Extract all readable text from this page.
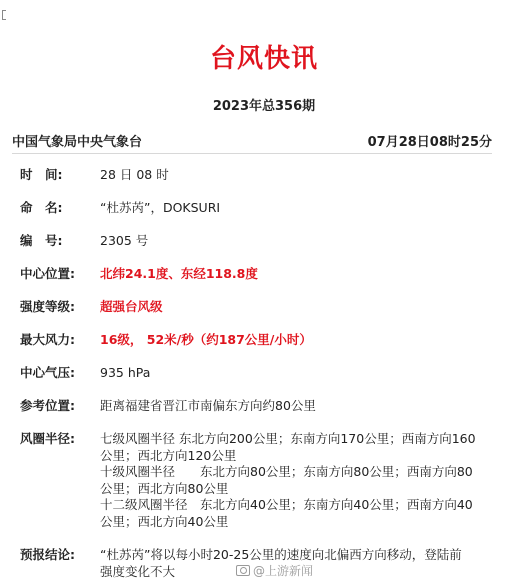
台风快讯
2023年总356期
中国气象局中央气象台	07月28日08时25分
时　间:	28 日 08 时
命　名:	“杜苏芮”，DOKSURI
编　号:	2305 号
中心位置:	北纬24.1度、东经118.8度
强度等级:	超强台风级
最大风力:	16级， 52米/秒（约187公里/小时）
中心气压:	935 hPa
参考位置:	距离福建省晋江市南偏东方向约80公里
风圈半径:	七级风圈半径 东北方向200公里；东南方向170公里；西南方向160
公里；西北方向120公里
十级风圈半径　　东北方向80公里；东南方向80公里；西南方向80
公里；西北方向80公里
十二级风圈半径　东北方向40公里；东南方向40公里；西南方向40
公里；西北方向40公里
预报结论:	“杜苏芮”将以每小时20-25公里的速度向北偏西方向移动，登陆前
强度变化不大	@上游新闻
